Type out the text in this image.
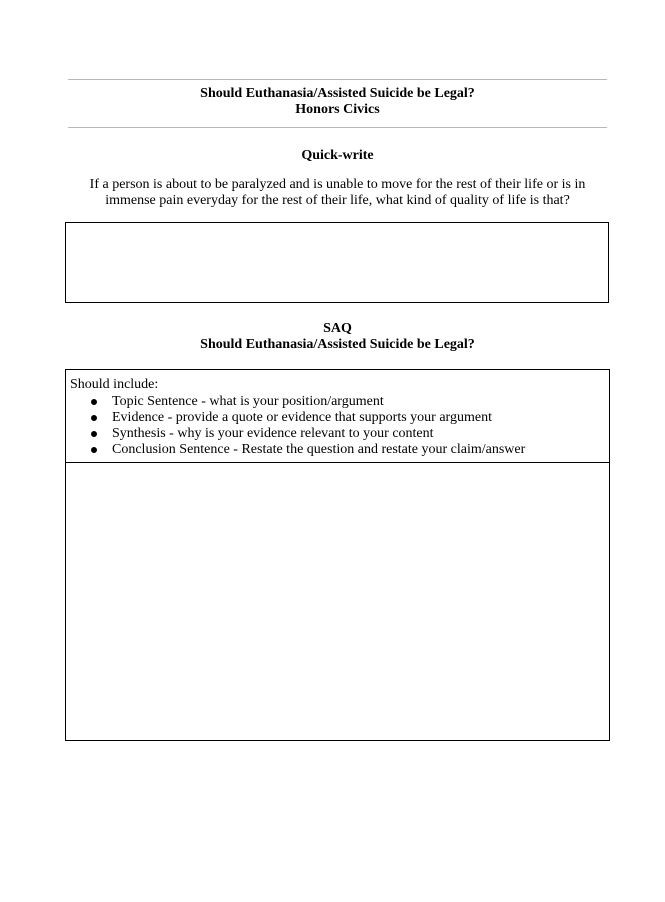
Should Euthanasia/Assisted Suicide be Legal?
Honors Civics
Quick-write
If a person is about to be paralyzed and is unable to move for the rest of their life or is in
immense pain everyday for the rest of their life, what kind of quality of life is that?
SAQ
Should Euthanasia/Assisted Suicide be Legal?
Should include:
Topic Sentence - what is your position/argument
Evidence - provide a quote or evidence that supports your argument
Synthesis - why is your evidence relevant to your content
Conclusion Sentence - Restate the question and restate your claim/answer
